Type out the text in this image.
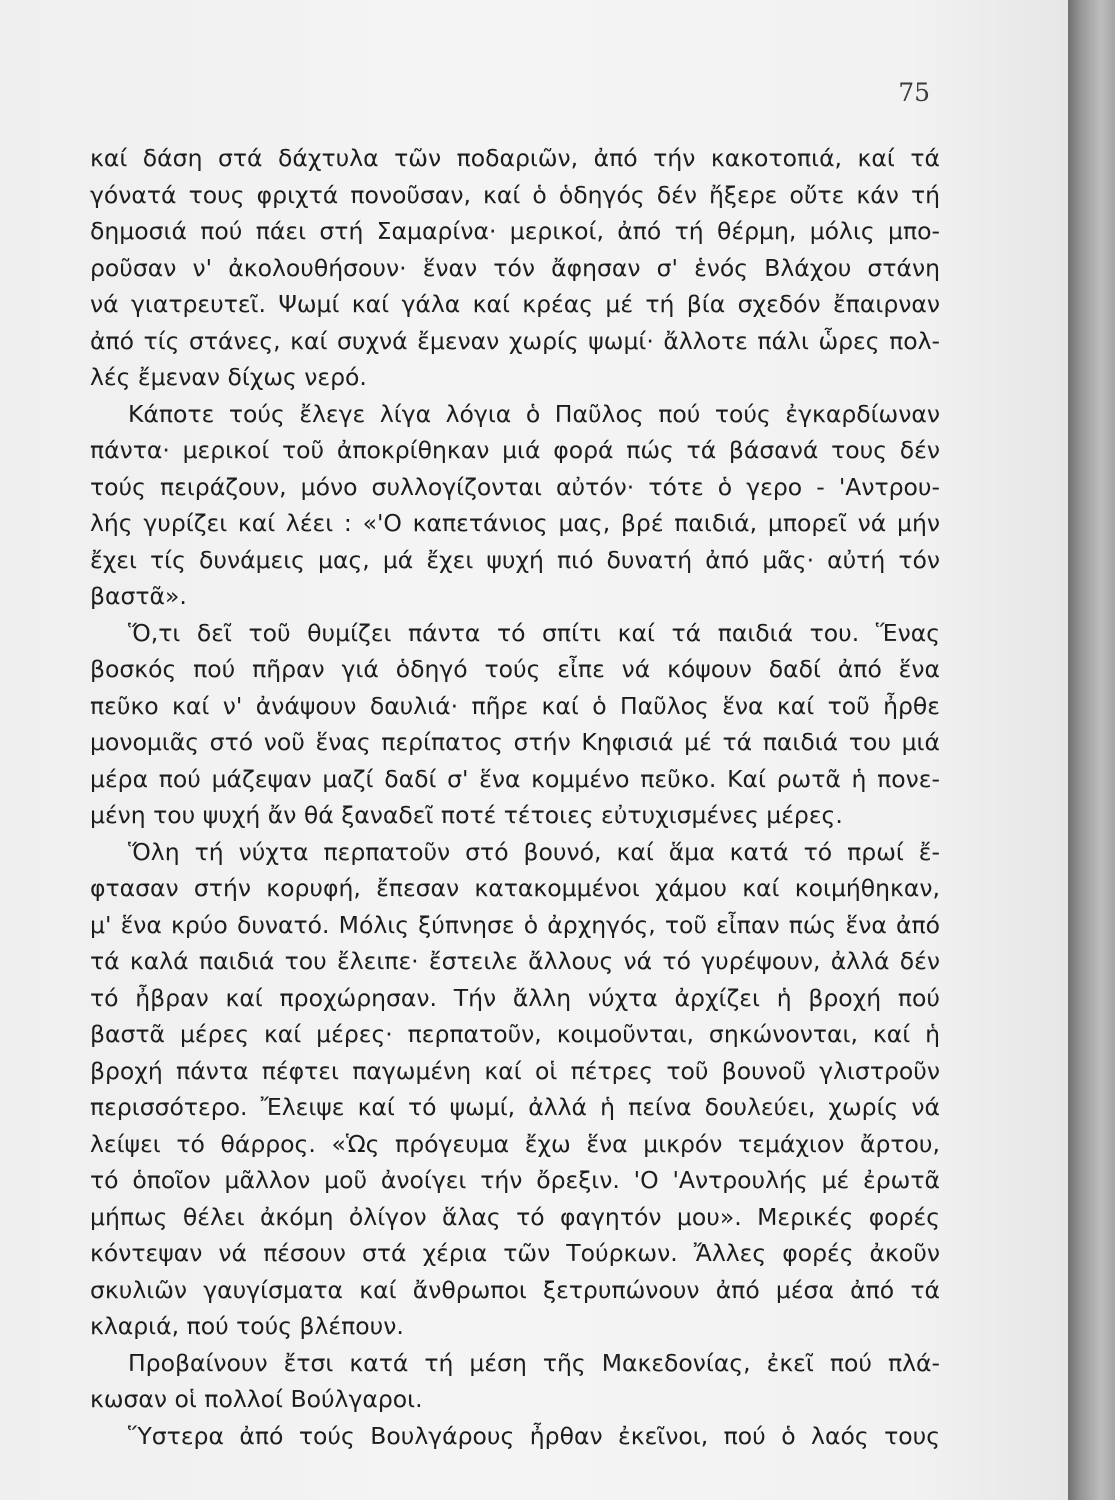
75
καί δάση στά δάχτυλα τῶν ποδαριῶν, ἀπό τήν κακοτοπιά, καί τά
γόνατά τους φριχτά πονοῦσαν, καί ὁ ὁδηγός δέν ἤξερε οὔτε κάν τή
δημοσιά πού πάει στή Σαμαρίνα· μερικοί, ἀπό τή θέρμη, μόλις μπο-
ροῦσαν ν' ἀκολουθήσουν· ἕναν τόν ἄφησαν σ' ἑνός Βλάχου στάνη
νά γιατρευτεῖ. Ψωμί καί γάλα καί κρέας μέ τή βία σχεδόν ἔπαιρναν
ἀπό τίς στάνες, καί συχνά ἔμεναν χωρίς ψωμί· ἄλλοτε πάλι ὧρες πολ-
λές ἔμεναν δίχως νερό.
Κάποτε τούς ἔλεγε λίγα λόγια ὁ Παῦλος πού τούς ἐγκαρδίωναν
πάντα· μερικοί τοῦ ἀποκρίθηκαν μιά φορά πώς τά βάσανά τους δέν
τούς πειράζουν, μόνο συλλογίζονται αὐτόν· τότε ὁ γερο - 'Αντρου-
λής γυρίζει καί λέει : «'Ο καπετάνιος μας, βρέ παιδιά, μπορεῖ νά μήν
ἔχει τίς δυνάμεις μας, μά ἔχει ψυχή πιό δυνατή ἀπό μᾶς· αὐτή τόν
βαστᾶ».
Ὅ,τι δεῖ τοῦ θυμίζει πάντα τό σπίτι καί τά παιδιά του. Ἕνας
βοσκός πού πῆραν γιά ὁδηγό τούς εἶπε νά κόψουν δαδί ἀπό ἕνα
πεῦκο καί ν' ἀνάψουν δαυλιά· πῆρε καί ὁ Παῦλος ἕνα καί τοῦ ἦρθε
μονομιᾶς στό νοῦ ἕνας περίπατος στήν Κηφισιά μέ τά παιδιά του μιά
μέρα πού μάζεψαν μαζί δαδί σ' ἕνα κομμένο πεῦκο. Καί ρωτᾶ ἡ πονε-
μένη του ψυχή ἄν θά ξαναδεῖ ποτέ τέτοιες εὐτυχισμένες μέρες.
Ὅλη τή νύχτα περπατοῦν στό βουνό, καί ἅμα κατά τό πρωί ἔ-
φτασαν στήν κορυφή, ἔπεσαν κατακομμένοι χάμου καί κοιμήθηκαν,
μ' ἕνα κρύο δυνατό. Μόλις ξύπνησε ὁ ἀρχηγός, τοῦ εἶπαν πώς ἕνα ἀπό
τά καλά παιδιά του ἔλειπε· ἔστειλε ἄλλους νά τό γυρέψουν, ἀλλά δέν
τό ἦβραν καί προχώρησαν. Τήν ἄλλη νύχτα ἀρχίζει ἡ βροχή πού
βαστᾶ μέρες καί μέρες· περπατοῦν, κοιμοῦνται, σηκώνονται, καί ἡ
βροχή πάντα πέφτει παγωμένη καί οἱ πέτρες τοῦ βουνοῦ γλιστροῦν
περισσότερο. Ἔλειψε καί τό ψωμί, ἀλλά ἡ πείνα δουλεύει, χωρίς νά
λείψει τό θάρρος. «Ὡς πρόγευμα ἔχω ἕνα μικρόν τεμάχιον ἄρτου,
τό ὁποῖον μᾶλλον μοῦ ἀνοίγει τήν ὄρεξιν. 'Ο 'Αντρουλής μέ ἐρωτᾶ
μήπως θέλει ἀκόμη ὀλίγον ἅλας τό φαγητόν μου». Μερικές φορές
κόντεψαν νά πέσουν στά χέρια τῶν Τούρκων. Ἄλλες φορές ἀκοῦν
σκυλιῶν γαυγίσματα καί ἄνθρωποι ξετρυπώνουν ἀπό μέσα ἀπό τά
κλαριά, πού τούς βλέπουν.
Προβαίνουν ἔτσι κατά τή μέση τῆς Μακεδονίας, ἐκεῖ πού πλά-
κωσαν οἱ πολλοί Βούλγαροι.
Ὕστερα ἀπό τούς Βουλγάρους ἦρθαν ἐκεῖνοι, πού ὁ λαός τους
